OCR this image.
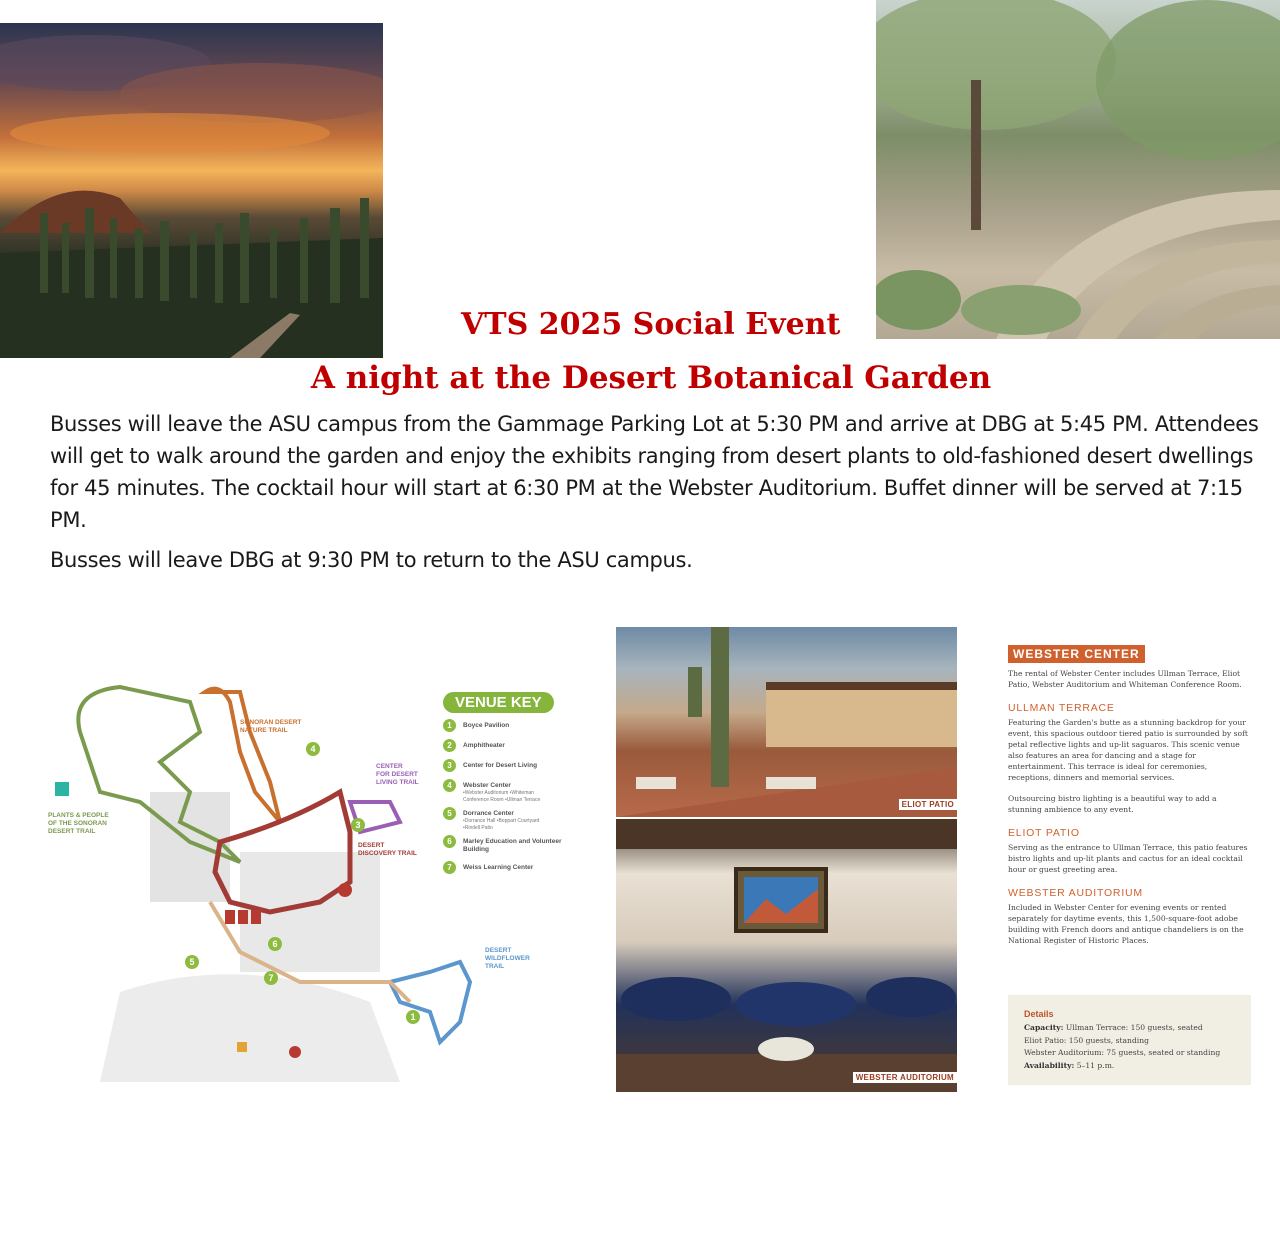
VTS 2025 Social Event
A night at the Desert Botanical Garden

Busses will leave the ASU campus from the Gammage Parking Lot at 5:30 PM and arrive at DBG at 5:45 PM. Attendees will get to walk around the garden and enjoy the exhibits ranging from desert plants to old-fashioned desert dwellings for 45 minutes. The cocktail hour will start at 6:30 PM at the Webster Auditorium. Buffet dinner will be served at 7:15 PM.

Busses will leave DBG at 9:30 PM to return to the ASU campus.

4
3
6
5
7
1
SONORAN DESERT NATURE TRAIL
CENTER FOR DESERT LIVING TRAIL
DESERT DISCOVERY TRAIL
PLANTS & PEOPLE OF THE SONORAN DESERT TRAIL
DESERT WILDFLOWER TRAIL
VENUE KEY
1	Boyce Pavilion
2	Amphitheater
3	Center for Desert Living
4	Webster Center
•Webster Auditorium •Whiteman Conference Room •Ullman Terrace
5	Dorrance Center
•Dorrance Hall •Boppart Courtyard •Rindell Patio
6	Marley Education and Volunteer Building
7	Weiss Learning Center
ELIOT PATIO
WEBSTER AUDITORIUM
WEBSTER CENTER

The rental of Webster Center includes Ullman Terrace, Eliot Patio, Webster Auditorium and Whiteman Conference Room.

ULLMAN TERRACE

Featuring the Garden's butte as a stunning backdrop for your event, this spacious outdoor tiered patio is surrounded by soft petal reflective lights and up-lit saguaros. This scenic venue also features an area for dancing and a stage for entertainment. This terrace is ideal for ceremonies, receptions, dinners and memorial services.

Outsourcing bistro lighting is a beautiful way to add a stunning ambience to any event.

ELIOT PATIO

Serving as the entrance to Ullman Terrace, this patio features bistro lights and up-lit plants and cactus for an ideal cocktail hour or guest greeting area.

WEBSTER AUDITORIUM

Included in Webster Center for evening events or rented separately for daytime events, this 1,500-square-foot adobe building with French doors and antique chandeliers is on the National Register of Historic Places.

Details
Capacity: Ullman Terrace: 150 guests, seated
Eliot Patio: 150 guests, standing
Webster Auditorium: 75 guests, seated or standing
Availability: 5–11 p.m.
